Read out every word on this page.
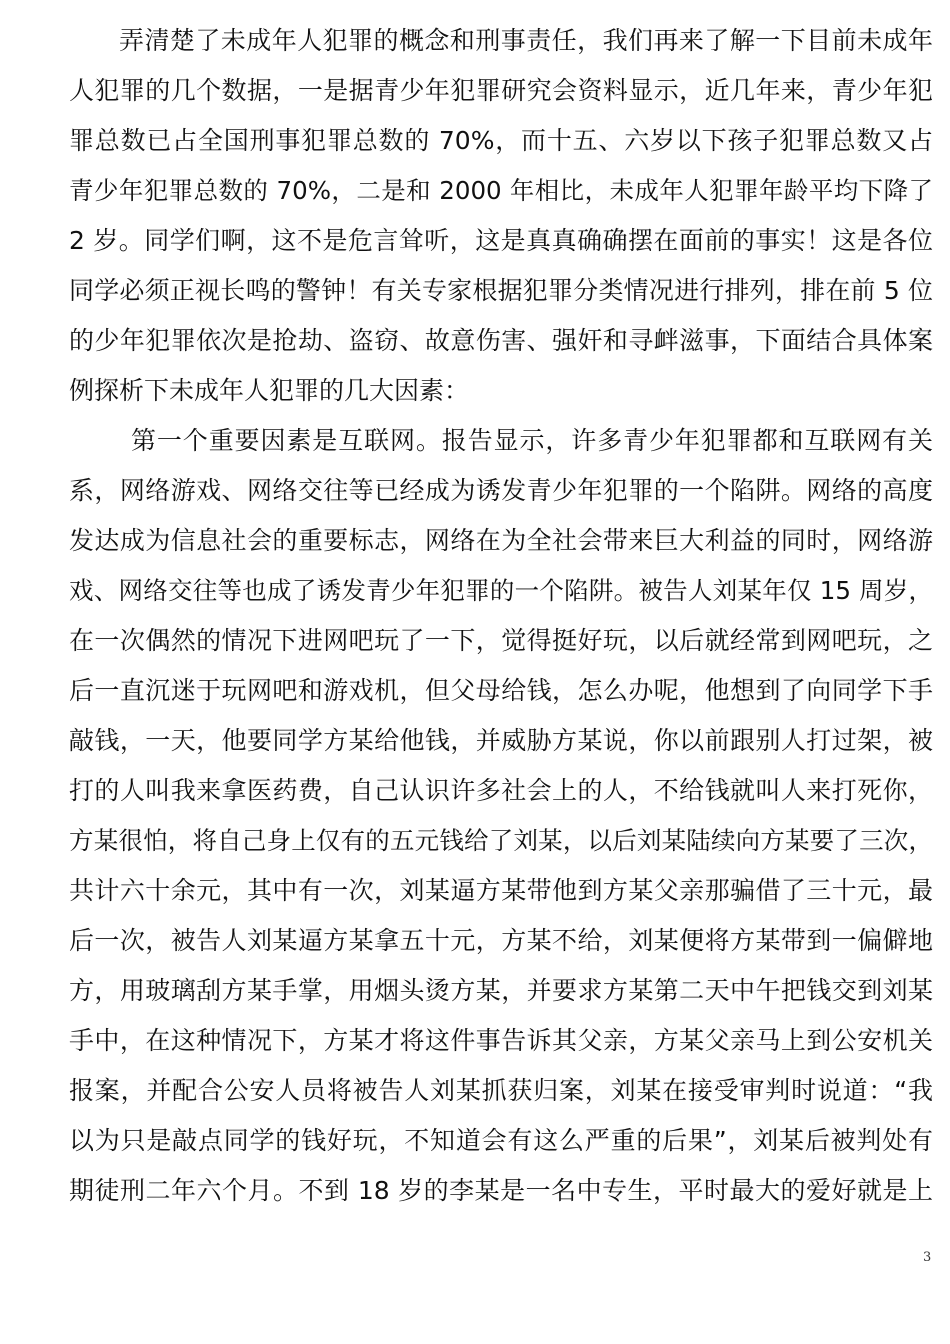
弄清楚了未成年人犯罪的概念和刑事责任，我们再来了解一下目前未成年
人犯罪的几个数据，一是据青少年犯罪研究会资料显示，近几年来，青少年犯
罪总数已占全国刑事犯罪总数的 70%，而十五、六岁以下孩子犯罪总数又占
青少年犯罪总数的 70%，二是和 2000 年相比，未成年人犯罪年龄平均下降了
2 岁。同学们啊，这不是危言耸听，这是真真确确摆在面前的事实！这是各位
同学必须正视长鸣的警钟！有关专家根据犯罪分类情况进行排列，排在前 5 位
的少年犯罪依次是抢劫、盗窃、故意伤害、强奸和寻衅滋事，下面结合具体案
例探析下未成年人犯罪的几大因素：
第一个重要因素是互联网。报告显示，许多青少年犯罪都和互联网有关
系，网络游戏、网络交往等已经成为诱发青少年犯罪的一个陷阱。网络的高度
发达成为信息社会的重要标志，网络在为全社会带来巨大利益的同时，网络游
戏、网络交往等也成了诱发青少年犯罪的一个陷阱。被告人刘某年仅 15 周岁，
在一次偶然的情况下进网吧玩了一下，觉得挺好玩，以后就经常到网吧玩，之
后一直沉迷于玩网吧和游戏机，但父母给钱，怎么办呢，他想到了向同学下手
敲钱，一天，他要同学方某给他钱，并威胁方某说，你以前跟别人打过架，被
打的人叫我来拿医药费，自己认识许多社会上的人，不给钱就叫人来打死你，
方某很怕，将自己身上仅有的五元钱给了刘某，以后刘某陆续向方某要了三次，
共计六十余元，其中有一次，刘某逼方某带他到方某父亲那骗借了三十元，最
后一次，被告人刘某逼方某拿五十元，方某不给，刘某便将方某带到一偏僻地
方，用玻璃刮方某手掌，用烟头烫方某，并要求方某第二天中午把钱交到刘某
手中，在这种情况下，方某才将这件事告诉其父亲，方某父亲马上到公安机关
报案，并配合公安人员将被告人刘某抓获归案，刘某在接受审判时说道：“我
以为只是敲点同学的钱好玩，不知道会有这么严重的后果”，刘某后被判处有
期徒刑二年六个月。不到 18 岁的李某是一名中专生，平时最大的爱好就是上
3
